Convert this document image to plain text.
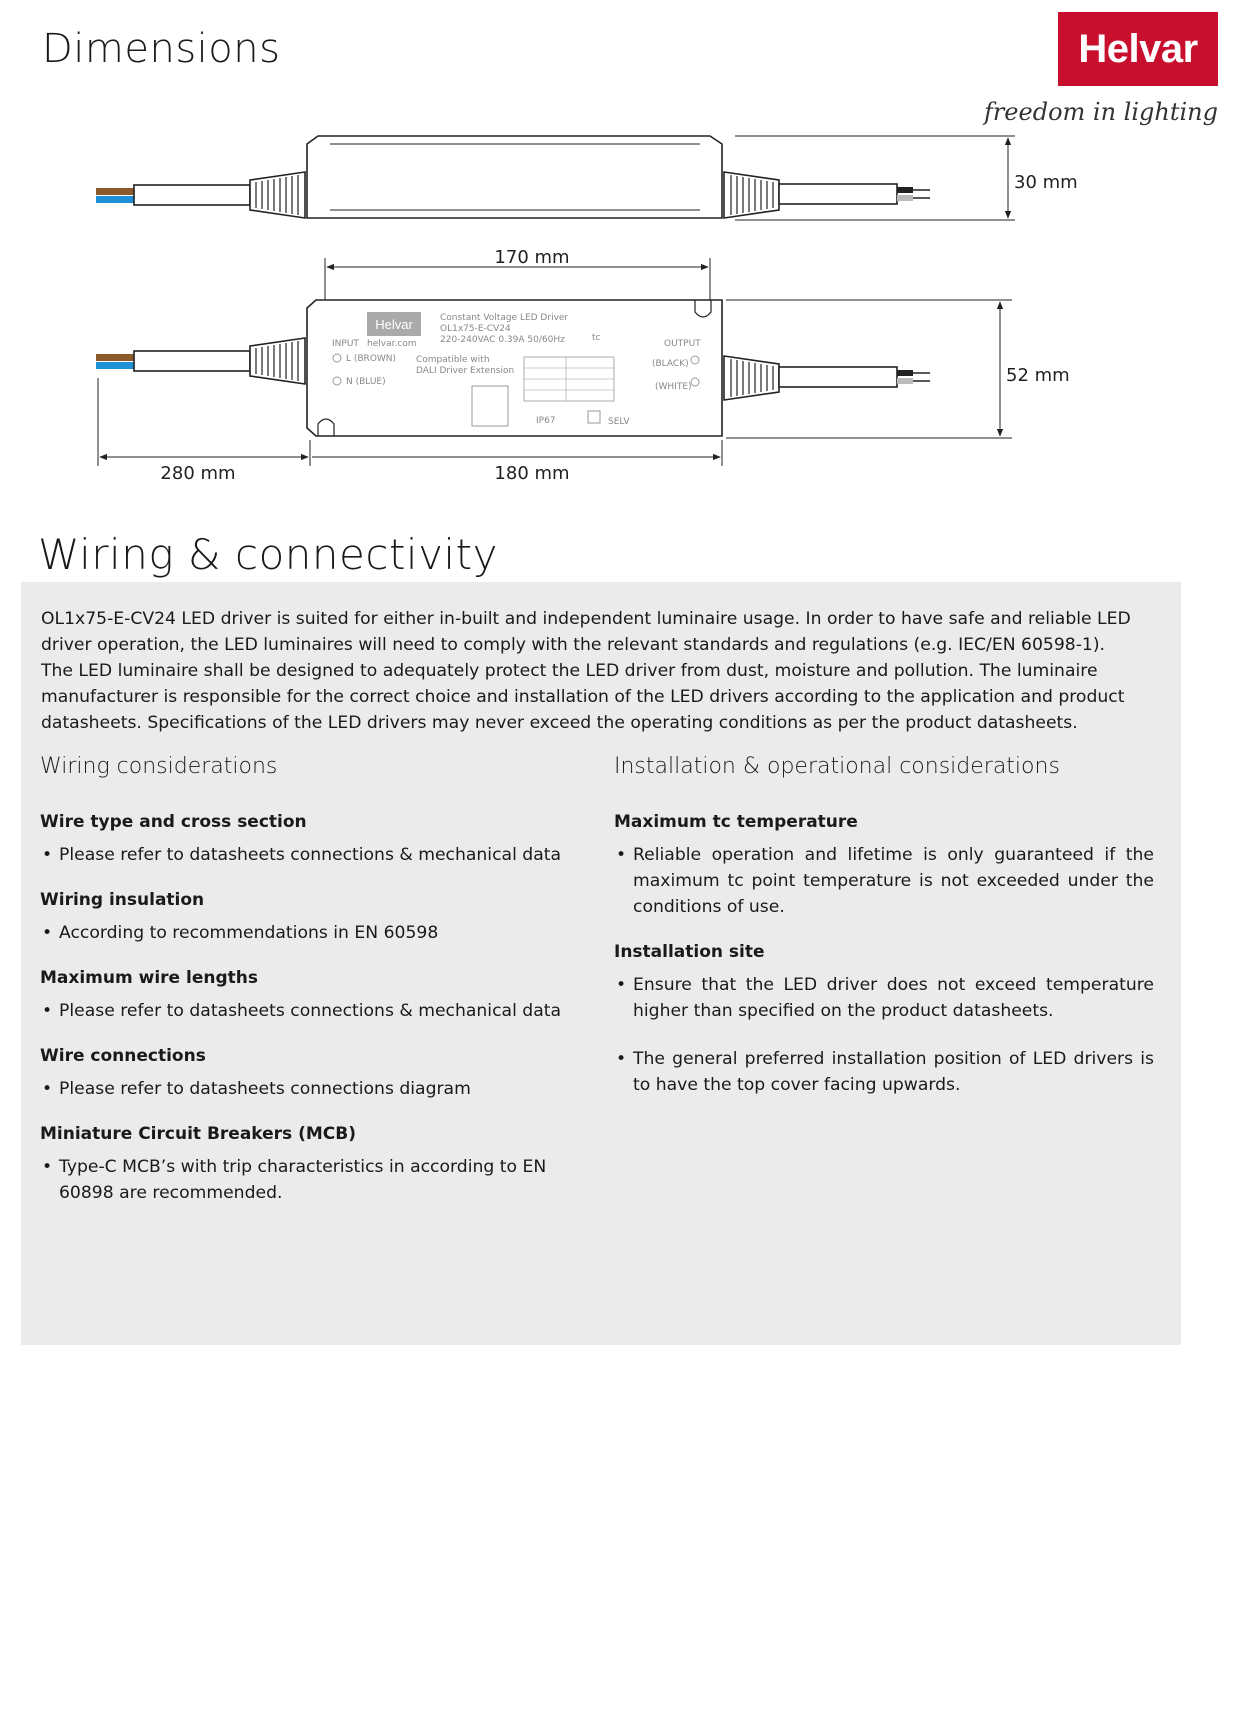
Dimensions	Helvar
freedom in lighting
30 mm
170 mm
Helvar	Constant Voltage LED Driver
OL1x75-E-CV24
220-240VAC 0.39A 50/60Hz
INPUT helvar.com
L (BROWN)
N (BLUE)
Compatible with
DALI Driver Extension
tc
OUTPUT
(BLACK)
(WHITE)
IP67	SELV
52 mm
280 mm	180 mm
Wiring & connectivity
OL1x75-E-CV24 LED driver is suited for either in-built and independent luminaire usage. In order to have safe and reliable LED driver operation, the LED luminaires will need to comply with the relevant standards and regulations (e.g. IEC/EN 60598-1). The LED luminaire shall be designed to adequately protect the LED driver from dust, moisture and pollution. The luminaire manufacturer is responsible for the correct choice and installation of the LED drivers according to the application and product datasheets. Specifications of the LED drivers may never exceed the operating conditions as per the product datasheets.
Wiring considerations
Wire type and cross section
• Please refer to datasheets connections & mechanical data
Wiring insulation
• According to recommendations in EN 60598
Maximum wire lengths
• Please refer to datasheets connections & mechanical data
Wire connections
• Please refer to datasheets connections diagram
Miniature Circuit Breakers (MCB)
• Type-C MCB’s with trip characteristics in according to EN 60898 are recommended.
Installation & operational considerations
Maximum tc temperature
• Reliable operation and lifetime is only guaranteed if the maximum tc point temperature is not exceeded under the conditions of use.
Installation site
• Ensure that the LED driver does not exceed temperature higher than specified on the product datasheets.
• The general preferred installation position of LED drivers is to have the top cover facing upwards.
